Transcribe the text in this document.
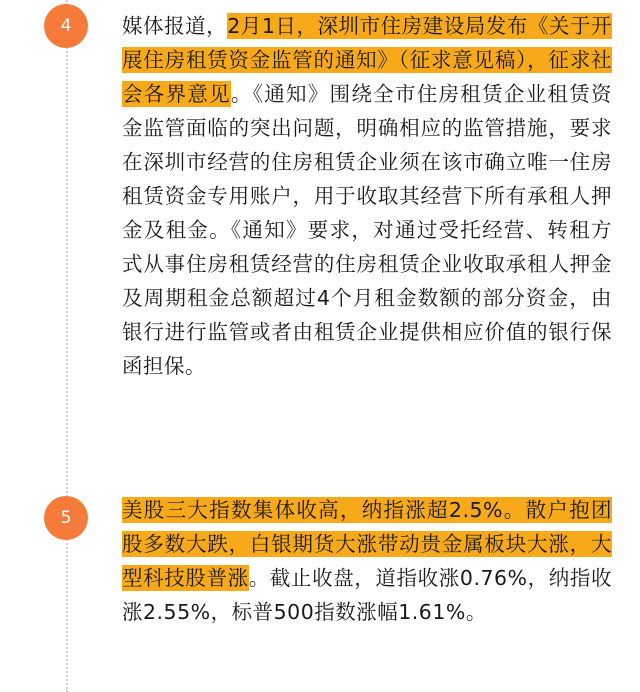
4	媒体报道，2月1日，深圳市住房建设局发布《关于开展住房租赁资金监管的通知》（征求意见稿），征求社会各界意见。《通知》围绕全市住房租赁企业租赁资金监管面临的突出问题，明确相应的监管措施，要求在深圳市经营的住房租赁企业须在该市确立唯一住房租赁资金专用账户，用于收取其经营下所有承租人押金及租金。《通知》要求，对通过受托经营、转租方式从事住房租赁经营的住房租赁企业收取承租人押金及周期租金总额超过4个月租金数额的部分资金，由银行进行监管或者由租赁企业提供相应价值的银行保函担保。

5	美股三大指数集体收高，纳指涨超2.5%。散户抱团股多数大跌，白银期货大涨带动贵金属板块大涨，大型科技股普涨。截止收盘，道指收涨0.76%，纳指收涨2.55%，标普500指数涨幅1.61%。
